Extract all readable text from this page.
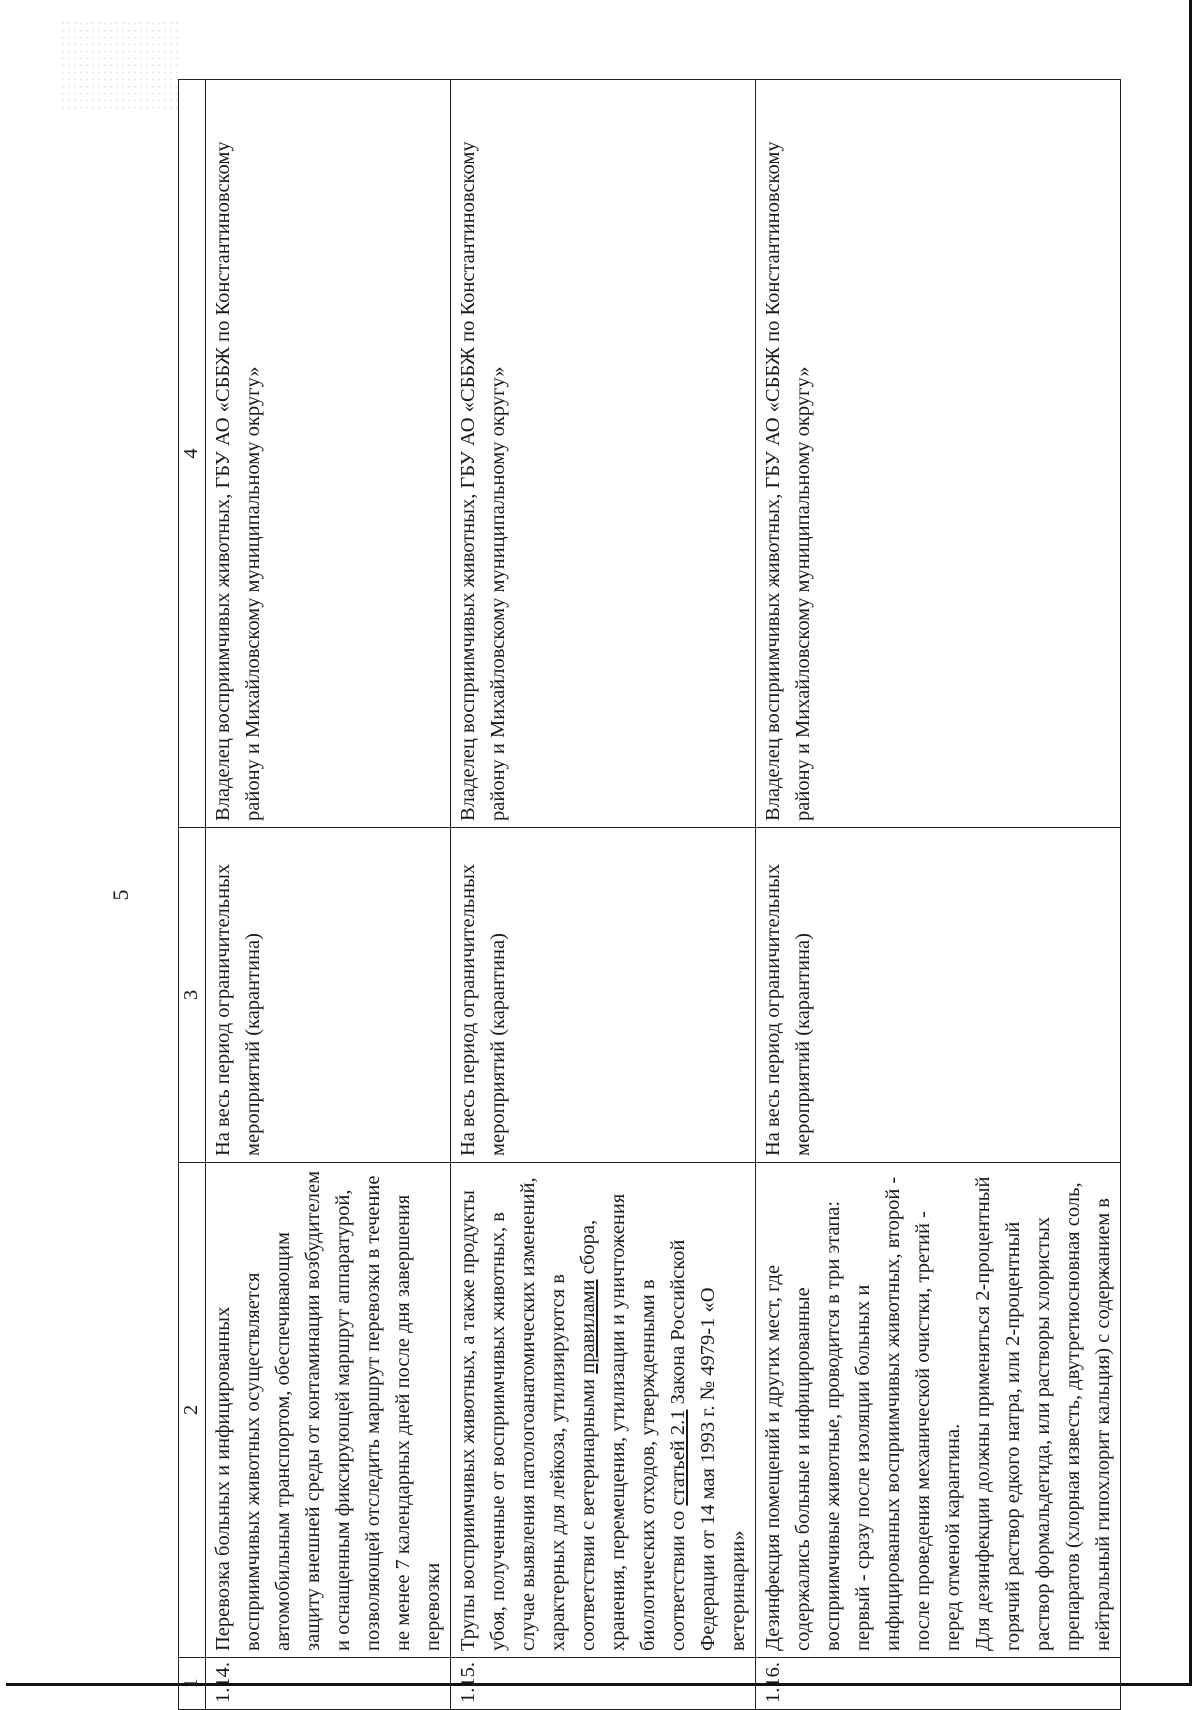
5
1	2	3	4
1.14.	Перевозка больных и инфицированных восприимчивых животных осуществляется автомобильным транспортом, обеспечивающим защиту внешней среды от контаминации возбудителем и оснащенным фиксирующей маршрут аппаратурой, позволяющей отследить маршрут перевозки в течение не менее 7 календарных дней после дня завершения перевозки	На весь период ограничительных мероприятий (карантина)	Владелец восприимчивых животных, ГБУ АО «СББЖ по Константиновскому району и Михайловскому муниципальному округу»
1.15.	Трупы восприимчивых животных, а также продукты убоя, полученные от восприимчивых животных, в случае выявления патологоанатомических изменений, характерных для лейкоза, утилизируются в соответствии с ветеринарными правилами сбора, хранения, перемещения, утилизации и уничтожения биологических отходов, утвержденными в соответствии со статьей 2.1 Закона Российской Федерации от 14 мая 1993 г. № 4979-1 «О ветеринарии»	На весь период ограничительных мероприятий (карантина)	Владелец восприимчивых животных, ГБУ АО «СББЖ по Константиновскому району и Михайловскому муниципальному округу»
1.16.	Дезинфекция помещений и других мест, где содержались больные и инфицированные восприимчивые животные, проводится в три этапа: первый - сразу после изоляции больных и инфицированных восприимчивых животных, второй - после проведения механической очистки, третий - перед отменой карантина. Для дезинфекции должны применяться 2-процентный горячий раствор едкого натра, или 2-процентный раствор формальдегида, или растворы хлористых препаратов (хлорная известь, двутретиосновная соль, нейтральный гипохлорит кальция) с содержанием в	На весь период ограничительных мероприятий (карантина)	Владелец восприимчивых животных, ГБУ АО «СББЖ по Константиновскому району и Михайловскому муниципальному округу»
